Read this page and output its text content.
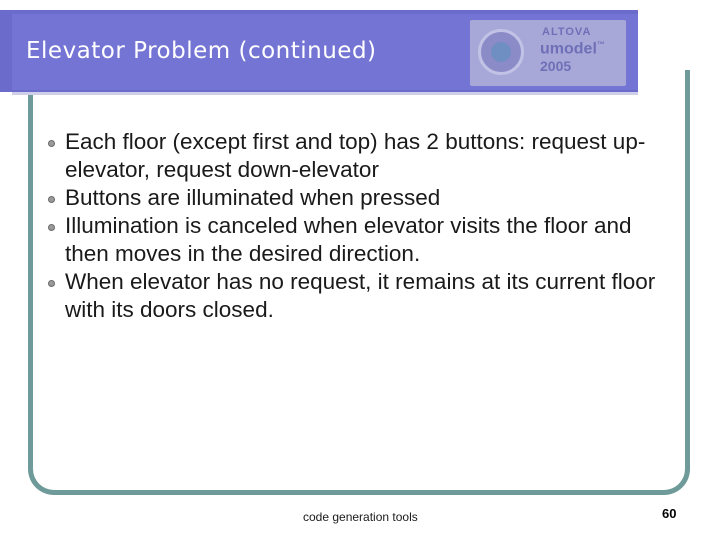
Elevator Problem (continued)
ALTOVA
umodel™
2005
Each floor (except first and top) has 2 buttons: request up-elevator, request down-elevator
Buttons are illuminated when pressed
Illumination is canceled when elevator visits the floor and then moves in the desired direction.
When elevator has no request, it remains at its current floor with its doors closed.
code generation tools	60
